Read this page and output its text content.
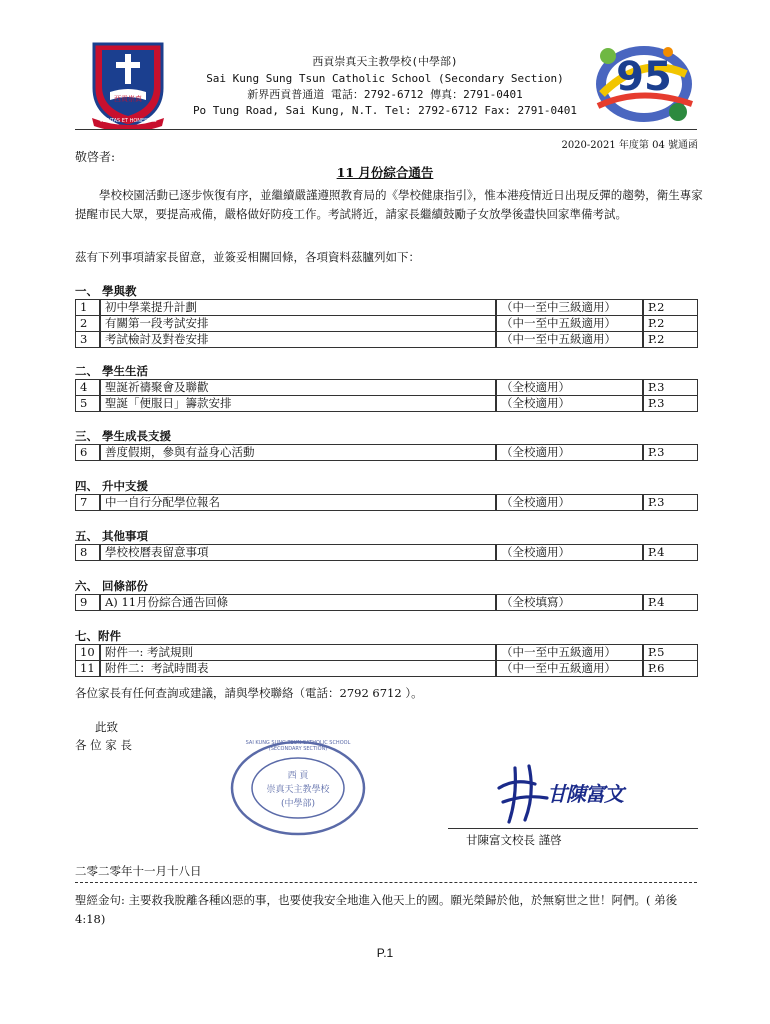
西貢崇真
VERITAS ET HONESTAS
95
西貢崇真天主教學校(中學部)
Sai Kung Sung Tsun Catholic School (Secondary Section)
新界西貢普通道 電話：2792-6712 傳真：2791-0401
Po Tung Road, Sai Kung, N.T. Tel: 2792-6712 Fax: 2791-0401
2020-2021 年度第 04 號通函
敬啓者:
11 月份綜合通告
學校校園活動已逐步恢復有序，並繼續嚴謹遵照教育局的《學校健康指引》，惟本港疫情近日出現反彈的趨勢，衛生專家提醒市民大眾，要提高戒備，嚴格做好防疫工作。考試將近，請家長繼續鼓勵子女放學後盡快回家準備考試。
茲有下列事項請家長留意，並簽妥相關回條，各項資料茲臚列如下：
一、 學與教
1	初中學業提升計劃	（中一至中三級適用）	P.2
2	有關第一段考試安排	（中一至中五級適用）	P.2
3	考試檢討及對卷安排	（中一至中五級適用）	P.2
二、 學生生活
4	聖誕祈禱聚會及聯歡	（全校適用）	P.3
5	聖誕「便服日」籌款安排	（全校適用）	P.3
三、 學生成長支援
6	善度假期，參與有益身心活動	（全校適用）	P.3
四、 升中支援
7	中一自行分配學位報名	（全校適用）	P.3
五、 其他事項
8	學校校曆表留意事項	（全校適用）	P.4
六、 回條部份
9	A) 11月份綜合通告回條	（全校填寫）	P.4
七、附件
10 附件一: 考試規則	（中一至中五級適用）	P.5
11 附件二：考試時間表	（中一至中五級適用）	P.6
各位家長有任何查詢或建議，請與學校聯絡（電話：2792 6712 ）。
此致
各 位 家 長	SAI KUNG SUNG TSUN CATHOLIC SCHOOL (SECONDARY SECTION)
西 貢
崇真天主教學校
(中學部)	甘陳富文
甘陳富文校長 謹啓
二零二零年十一月十八日
聖經金句: 主要救我脫離各種凶惡的事，也要使我安全地進入他天上的國。願光榮歸於他，於無窮世之世！阿們。( 弟後 4:18)
P.1
